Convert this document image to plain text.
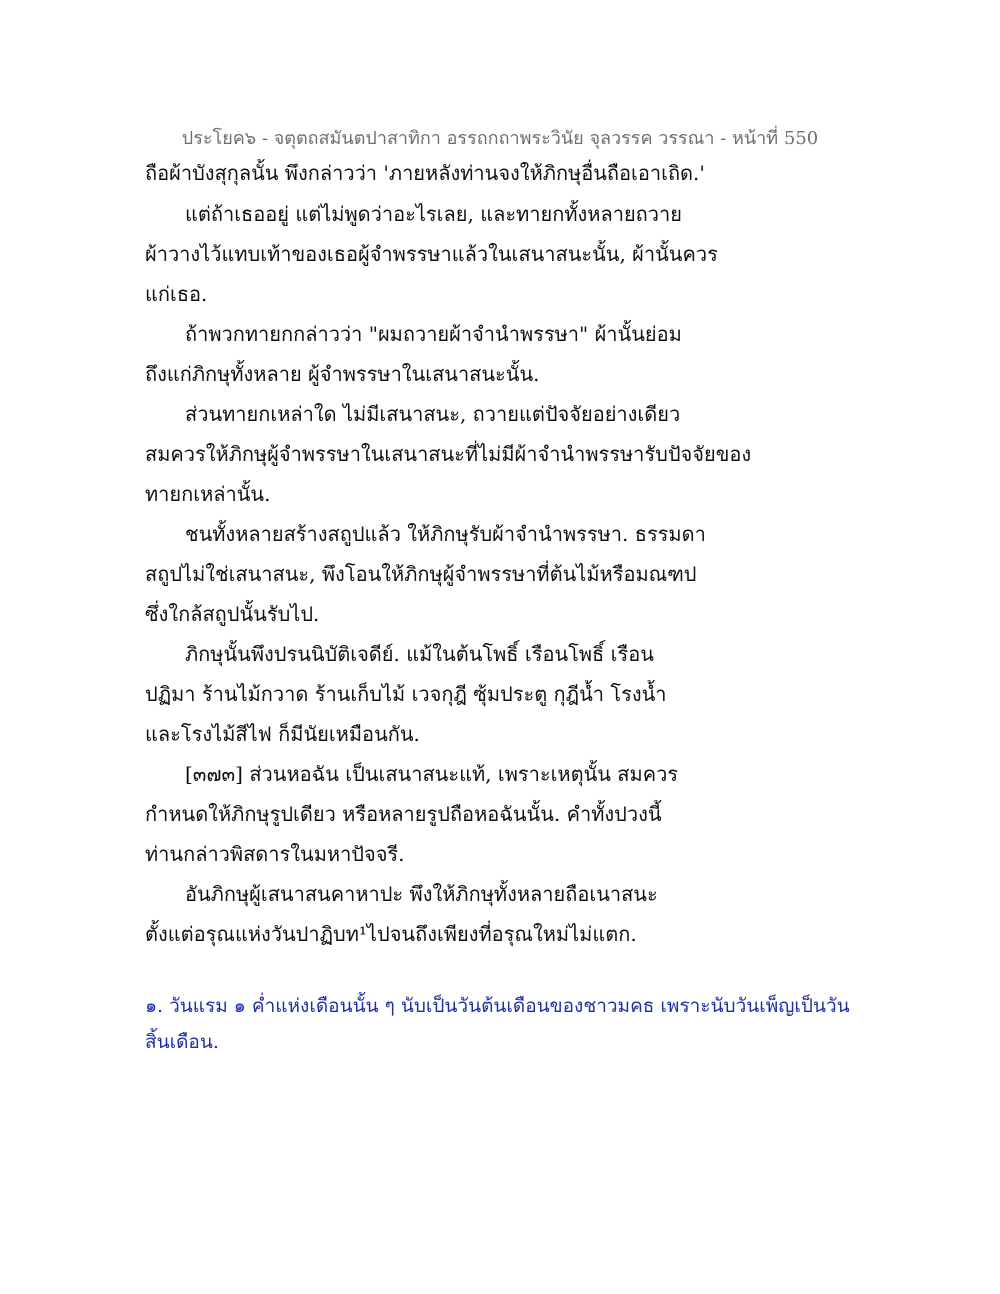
ประโยค๖ - จตุตถสมันตปาสาทิกา อรรถกถาพระวินัย จุลวรรค วรรณา - หน้าที่ 550
ถือผ้าบังสุกุลนั้น พึงกล่าวว่า 'ภายหลังท่านจงให้ภิกษุอื่นถือเอาเถิด.'
แต่ถ้าเธออยู่ แต่ไม่พูดว่าอะไรเลย, และทายกทั้งหลายถวาย
ผ้าวางไว้แทบเท้าของเธอผู้จำพรรษาแล้วในเสนาสนะนั้น, ผ้านั้นควร
แก่เธอ.
ถ้าพวกทายกกล่าวว่า "ผมถวายผ้าจำนำพรรษา" ผ้านั้นย่อม
ถึงแก่ภิกษุทั้งหลาย ผู้จำพรรษาในเสนาสนะนั้น.
ส่วนทายกเหล่าใด ไม่มีเสนาสนะ, ถวายแต่ปัจจัยอย่างเดียว
สมควรให้ภิกษุผู้จำพรรษาในเสนาสนะที่ไม่มีผ้าจำนำพรรษารับปัจจัยของ
ทายกเหล่านั้น.
ชนทั้งหลายสร้างสถูปแล้ว ให้ภิกษุรับผ้าจำนำพรรษา. ธรรมดา
สถูปไม่ใช่เสนาสนะ, พึงโอนให้ภิกษุผู้จำพรรษาที่ต้นไม้หรือมณฑป
ซึ่งใกล้สถูปนั้นรับไป.
ภิกษุนั้นพึงปรนนิบัติเจดีย์. แม้ในต้นโพธิ์ เรือนโพธิ์ เรือน
ปฏิมา ร้านไม้กวาด ร้านเก็บไม้ เวจกุฎี ซุ้มประตู กุฎีน้ำ โรงน้ำ
และโรงไม้สีไฟ ก็มีนัยเหมือนกัน.
[๓๗๓] ส่วนหอฉัน เป็นเสนาสนะแท้, เพราะเหตุนั้น สมควร
กำหนดให้ภิกษุรูปเดียว หรือหลายรูปถือหอฉันนั้น. คำทั้งปวงนี้
ท่านกล่าวพิสดารในมหาปัจจรี.
อันภิกษุผู้เสนาสนคาหาปะ พึงให้ภิกษุทั้งหลายถือเนาสนะ
ตั้งแต่อรุณแห่งวันปาฏิบท¹ไปจนถึงเพียงที่อรุณใหม่ไม่แตก.
๑. วันแรม ๑ ค่ำแห่งเดือนนั้น ๆ นับเป็นวันต้นเดือนของชาวมคธ เพราะนับวันเพ็ญเป็นวัน
สิ้นเดือน.
